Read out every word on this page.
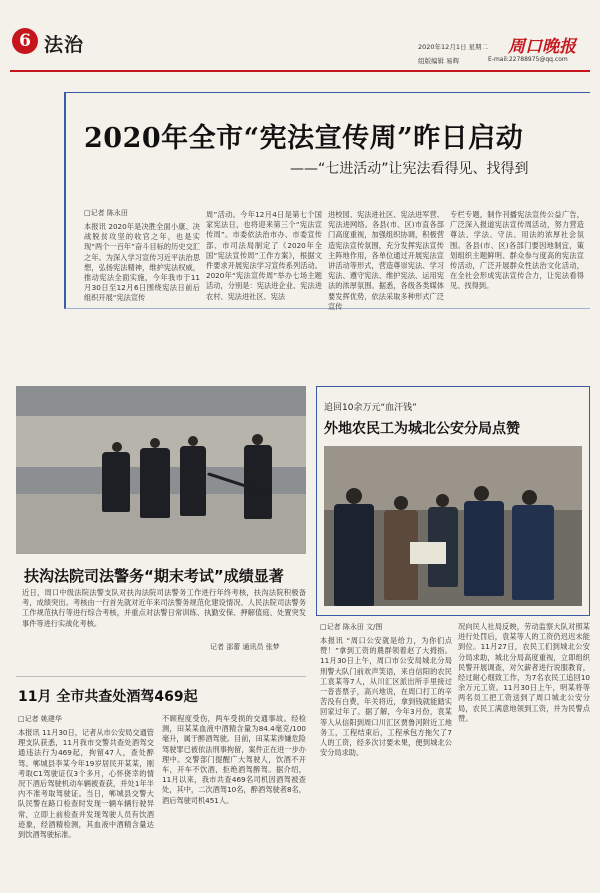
6 法治	2020年12月1日 星期二 周口晚报
组版编辑 易辉	E-mail:22788975@qq.com
2020年全市“宪法宣传周”昨日启动
——“七进活动”让宪法看得见、找得到
□记者 陈永田
本报讯 2020年是决胜全面小康、决战脱贫攻坚的收官之年，也是实现“两个一百年”奋斗目标的历史交汇之年。为深入学习宣传习近平法治思想，弘扬宪法精神，维护宪法权威，推动宪法全面实施，今年我市于11月30日至12月6日围绕宪法日前后组织开展“宪法宣传
周”活动。今年12月4日是第七个国家宪法日，也将迎来第三个“宪法宣传周”。市委依法治市办、市委宣传部、市司法局制定了《2020年全国“宪法宣传周”工作方案》，根据文件要求开展宪法学习宣传系列活动。2020年“宪法宣传周”举办七场主题活动，分别是：宪法进企业、宪法进农村、宪法进社区、宪法
进校园、宪法进社区、宪法进军营、宪法进网络。各县(市、区)市直各部门高度重视，加强组织协调，积极营造宪法宣传氛围，充分发挥宪法宣传主阵地作用，各单位通过开展宪法宣讲活动等形式，营造尊崇宪法、学习宪法、遵守宪法、维护宪法、运用宪法的浓厚氛围。据悉，各级各类媒体要发挥优势，依法采取多种形式广泛宣传
专栏专题，制作刊播宪法宣传公益广告，广泛深入报道宪法宣传周活动，努力营造尊法、学法、守法、用法的浓厚社会氛围。各县(市、区)各部门要因地制宜，策划组织主题鲜明、群众参与度高的宪法宣传活动，广泛开展群众性法治文化活动，在全社会形成宪法宣传合力，让宪法看得见、找得到。
扶沟法院司法警务“期末考试”成绩显著
近日，周口中级法院法警支队对扶沟法院司法警务工作进行年终考核，扶沟法院积极备考，成绩突出。考核由一行首先就对近年来司法警务规范化建设情况、人民法院司法警务工作规范执行等进行综合考核，并重点对法警日常训练、执勤安保、押解值庭、处置突发事件等进行实战化考核。
记者 邵蕾 通讯员 张梦
追回10余万元“血汗钱”
外地农民工为城北公安分局点赞
□记者 陈永田 文/图
本报讯 “周口公安就是给力，为你们点赞！”拿到工资的農群领着赵了大拇指。11月30日上午，周口市公安局城北分局刑警大队门前欢声笑语，来自信阳的农民工袁某等7人，从川汇区派出所手里接过一沓沓票子，高兴地说，在周口打工的辛苦没有白费，年关将近，拿到钱就能踏实回家过年了。据了解，今年3月份，袁某等人从信阳到周口川汇区贾鲁河附近工地务工，工程结束后，工程承包方拖欠了7人的工资，经多次讨要未果，便到城北公安分局求助。
况向民人社局反映，劳动监察大队对照某进行处罚后，袁某等人的工资仍迟迟未能到位。11月27日，农民工们到城北公安分局求助，城北分局高度重视，立即组织民警开展调查，对欠薪者进行说服教育，经过耐心细致工作，为7名农民工追回10余万元工资。11月30日上午，明某将等两名员工把工资送到了周口城北公安分局，农民工满意地领到工资，并为民警点赞。
11月 全市共查处酒驾469起
□记者 姚建华
本报讯 11月30日，记者从市公安局交通管理支队获悉，11月我市交警共查处酒驾交通违法行为469起，拘留47人，查处醉驾。郸城县李某今年19岁居民开某某，刚考取C1驾驶证仅3个多月，心怀侥幸的情况下酒后驾驶机动车辆被查获，并处1年半内不准考取驾驶证。当日，郸城县交警大队民警在路口检查时发现一辆车辆行驶异常，立即上前检查并发现驾驶人员有饮酒迹象，经酒精检测，其血液中酒精含量达到饮酒驾驶标准。
不顾程度受伤，两车受损的交通事故。经检测，田某某血液中酒精含量为84.4毫克/100毫升，属于醉酒驾驶。目前，田某某涉嫌危险驾驶罪已被依法刑事拘留，案件正在进一步办理中。交警部门提醒广大驾驶人，饮酒不开车，开车不饮酒，拒绝酒驾醉驾。据介绍，11月以来，我市共查469名司机因酒驾被查处，其中，二次酒驾10名，醉酒驾驶者8名，酒后驾驶司机451人。
